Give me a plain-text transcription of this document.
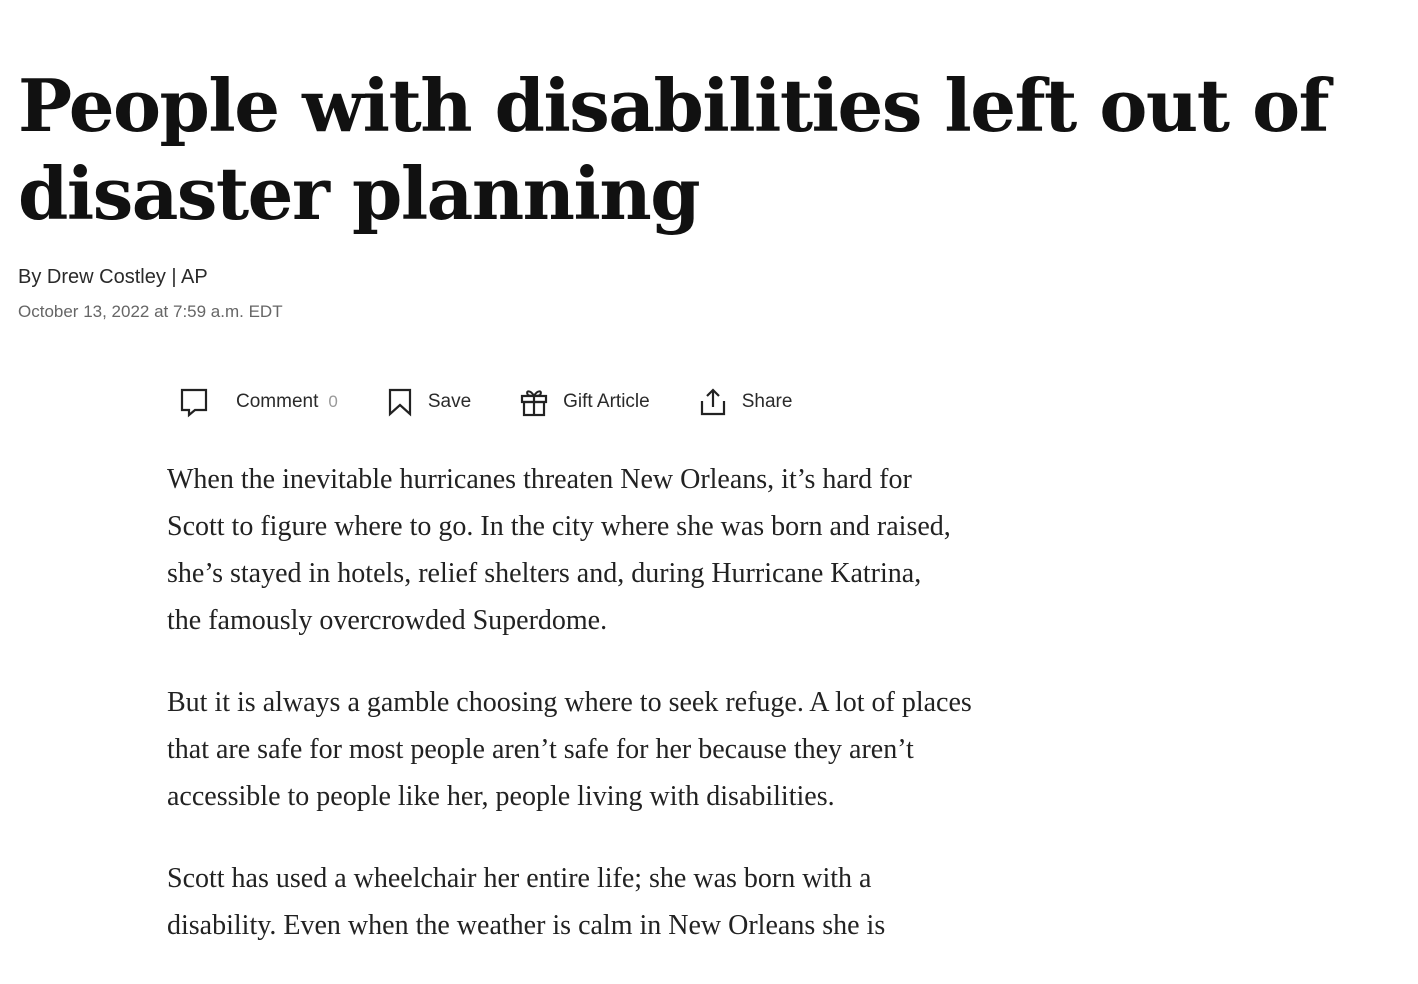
People with disabilities left out of disaster planning
By Drew Costley | AP
October 13, 2022 at 7:59 a.m. EDT
Comment 0	Save	Gift Article	Share

When the inevitable hurricanes threaten New Orleans, it’s hard for
Scott to figure where to go. In the city where she was born and raised,
she’s stayed in hotels, relief shelters and, during Hurricane Katrina,
the famously overcrowded Superdome.

But it is always a gamble choosing where to seek refuge. A lot of places
that are safe for most people aren’t safe for her because they aren’t
accessible to people like her, people living with disabilities.

Scott has used a wheelchair her entire life; she was born with a
disability. Even when the weather is calm in New Orleans she is
